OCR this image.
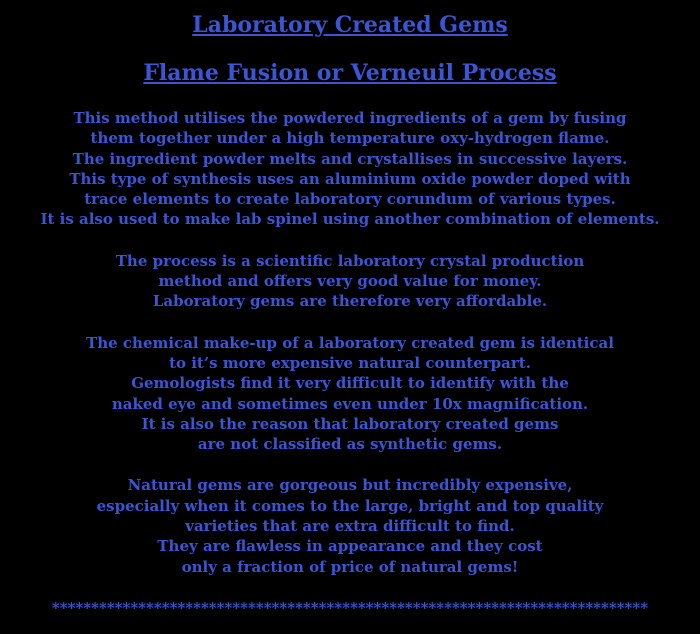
Laboratory Created Gems
Flame Fusion or Verneuil Process

This method utilises the powdered ingredients of a gem by fusing
them together under a high temperature oxy-hydrogen flame.
The ingredient powder melts and crystallises in successive layers.
This type of synthesis uses an aluminium oxide powder doped with
trace elements to create laboratory corundum of various types.
It is also used to make lab spinel using another combination of elements.

The process is a scientific laboratory crystal production
method and offers very good value for money.
Laboratory gems are therefore very affordable.

The chemical make-up of a laboratory created gem is identical
to it’s more expensive natural counterpart.
Gemologists find it very difficult to identify with the
naked eye and sometimes even under 10x magnification.
It is also the reason that laboratory created gems
are not classified as synthetic gems.

Natural gems are gorgeous but incredibly expensive,
especially when it comes to the large, bright and top quality
varieties that are extra difficult to find.
They are flawless in appearance and they cost
only a fraction of price of natural gems!

****************************************************************************
